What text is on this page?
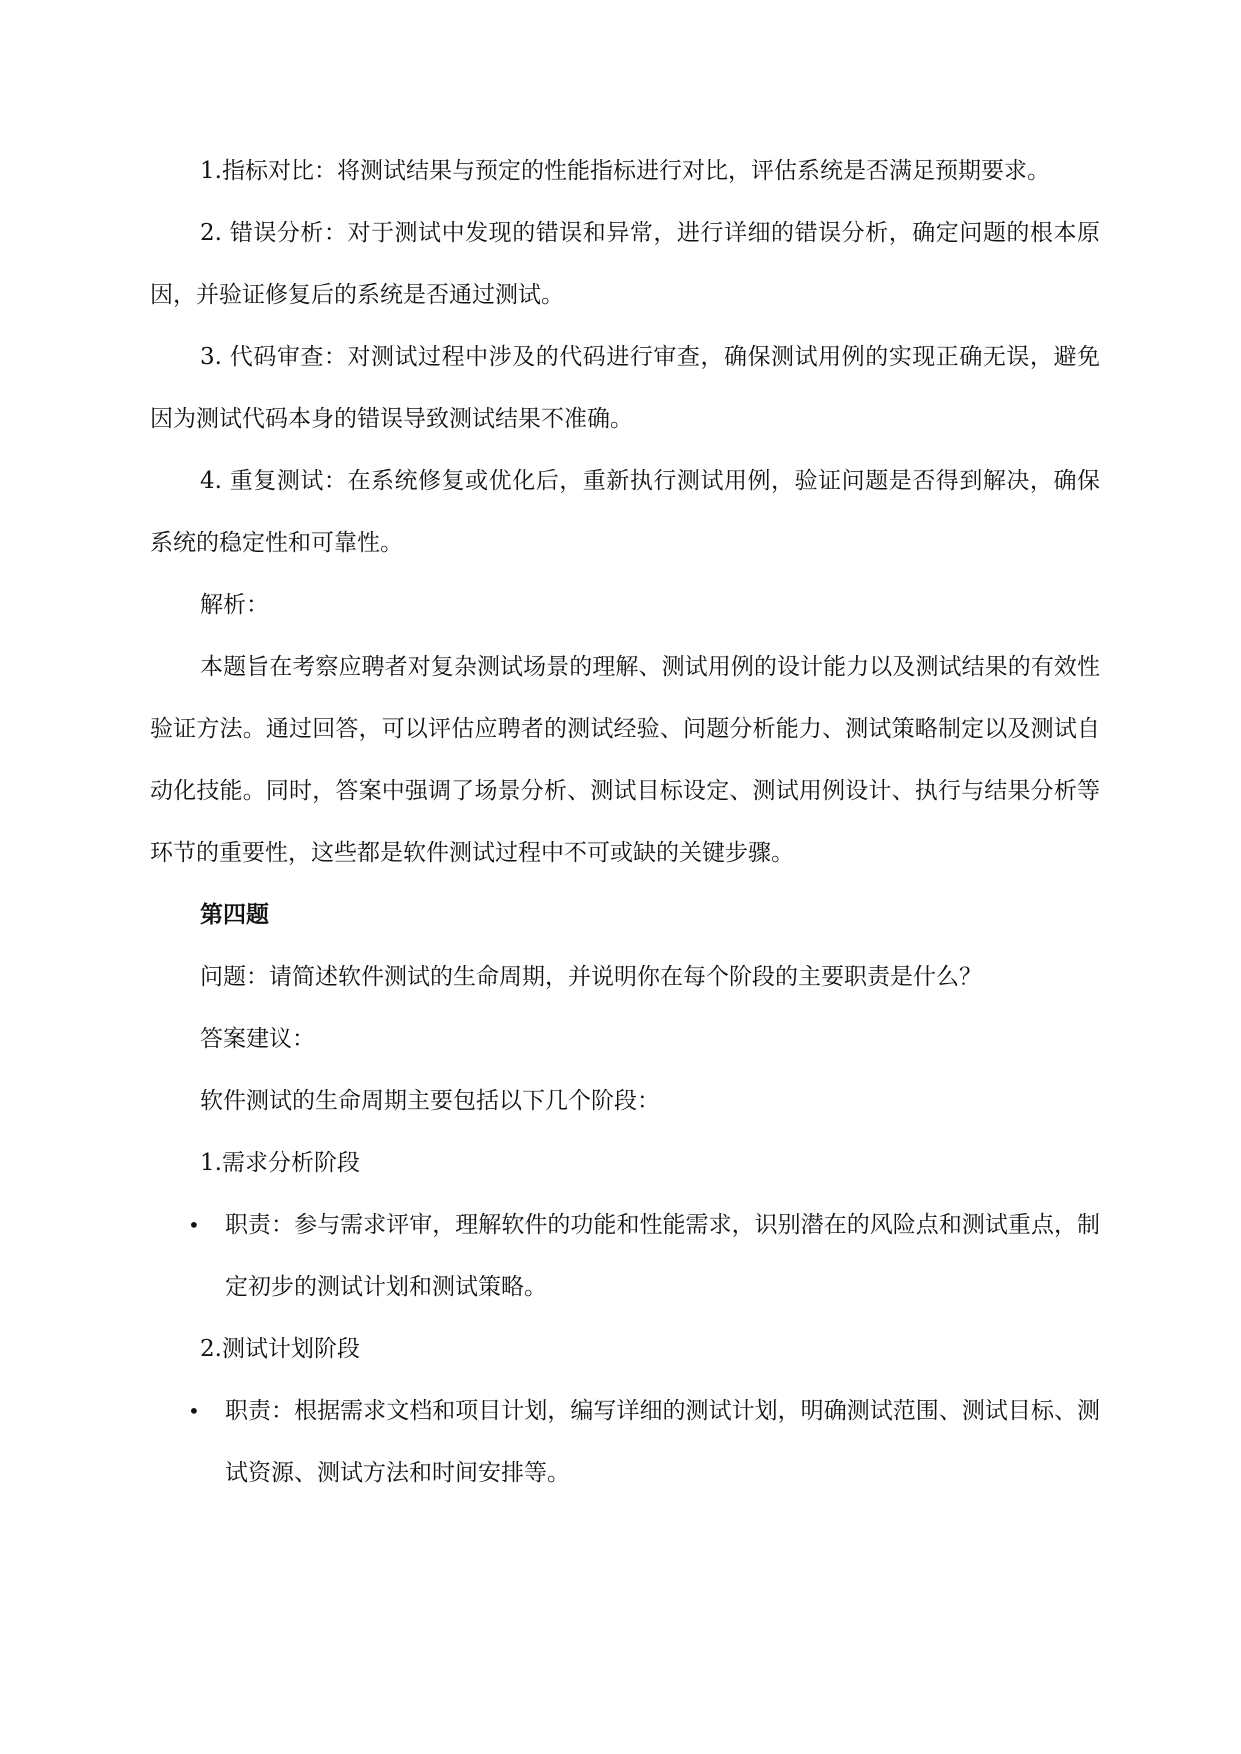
1.指标对比：将测试结果与预定的性能指标进行对比，评估系统是否满足预期要求。

2. 错误分析：对于测试中发现的错误和异常，进行详细的错误分析，确定问题的根本原因，并验证修复后的系统是否通过测试。

3. 代码审查：对测试过程中涉及的代码进行审查，确保测试用例的实现正确无误，避免因为测试代码本身的错误导致测试结果不准确。

4. 重复测试：在系统修复或优化后，重新执行测试用例，验证问题是否得到解决，确保系统的稳定性和可靠性。

解析：

本题旨在考察应聘者对复杂测试场景的理解、测试用例的设计能力以及测试结果的有效性验证方法。通过回答，可以评估应聘者的测试经验、问题分析能力、测试策略制定以及测试自动化技能。同时，答案中强调了场景分析、测试目标设定、测试用例设计、执行与结果分析等环节的重要性，这些都是软件测试过程中不可或缺的关键步骤。

第四题

问题：请简述软件测试的生命周期，并说明你在每个阶段的主要职责是什么？

答案建议：

软件测试的生命周期主要包括以下几个阶段：

1.需求分析阶段

• 职责：参与需求评审，理解软件的功能和性能需求，识别潜在的风险点和测试重点，制定初步的测试计划和测试策略。

2.测试计划阶段

• 职责：根据需求文档和项目计划，编写详细的测试计划，明确测试范围、测试目标、测试资源、测试方法和时间安排等。
